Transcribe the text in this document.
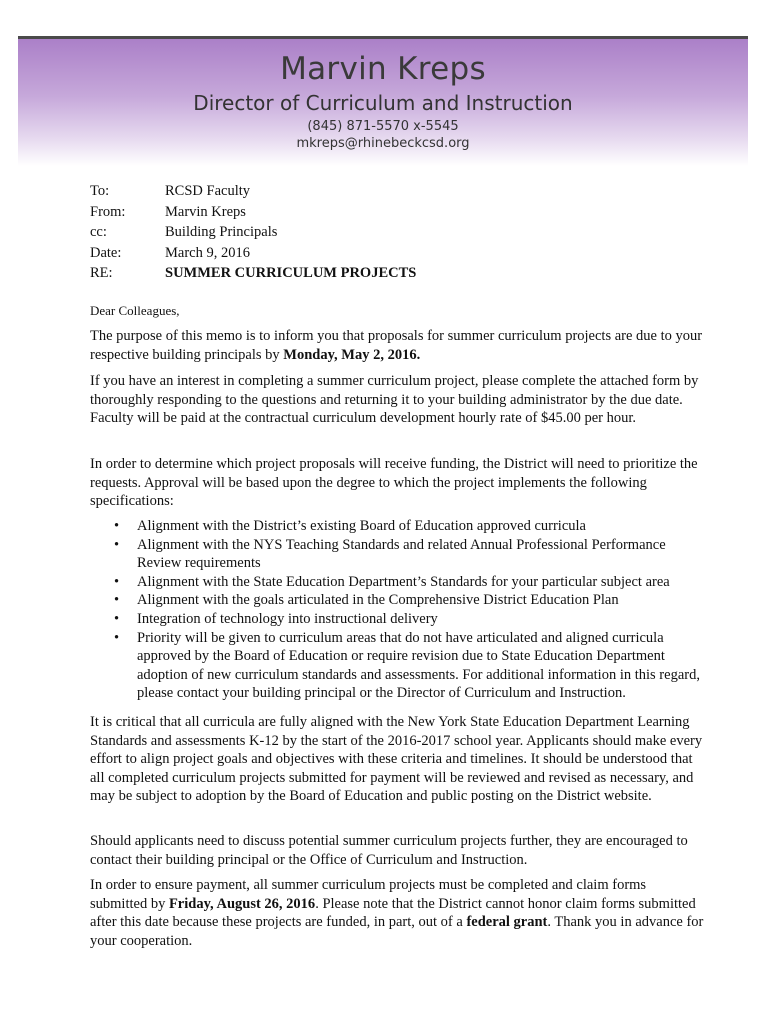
Marvin Kreps
Director of Curriculum and Instruction
(845) 871-5570 x-5545
mkreps@rhinebeckcsd.org
To:	RCSD Faculty
From:	Marvin Kreps
cc:	Building Principals
Date:	March 9, 2016
RE:	SUMMER CURRICULUM PROJECTS
Dear Colleagues,
The purpose of this memo is to inform you that proposals for summer curriculum projects are due to your respective building principals by Monday, May 2, 2016.
If you have an interest in completing a summer curriculum project, please complete the attached form by thoroughly responding to the questions and returning it to your building administrator by the due date. Faculty will be paid at the contractual curriculum development hourly rate of $45.00 per hour.
In order to determine which project proposals will receive funding, the District will need to prioritize the requests. Approval will be based upon the degree to which the project implements the following specifications:
• Alignment with the District’s existing Board of Education approved curricula
• Alignment with the NYS Teaching Standards and related Annual Professional Performance Review requirements
• Alignment with the State Education Department’s Standards for your particular subject area
• Alignment with the goals articulated in the Comprehensive District Education Plan
• Integration of technology into instructional delivery
• Priority will be given to curriculum areas that do not have articulated and aligned curricula approved by the Board of Education or require revision due to State Education Department adoption of new curriculum standards and assessments. For additional information in this regard, please contact your building principal or the Director of Curriculum and Instruction.
It is critical that all curricula are fully aligned with the New York State Education Department Learning Standards and assessments K-12 by the start of the 2016-2017 school year. Applicants should make every effort to align project goals and objectives with these criteria and timelines. It should be understood that all completed curriculum projects submitted for payment will be reviewed and revised as necessary, and may be subject to adoption by the Board of Education and public posting on the District website.
Should applicants need to discuss potential summer curriculum projects further, they are encouraged to contact their building principal or the Office of Curriculum and Instruction.
In order to ensure payment, all summer curriculum projects must be completed and claim forms submitted by Friday, August 26, 2016. Please note that the District cannot honor claim forms submitted after this date because these projects are funded, in part, out of a federal grant. Thank you in advance for your cooperation.
